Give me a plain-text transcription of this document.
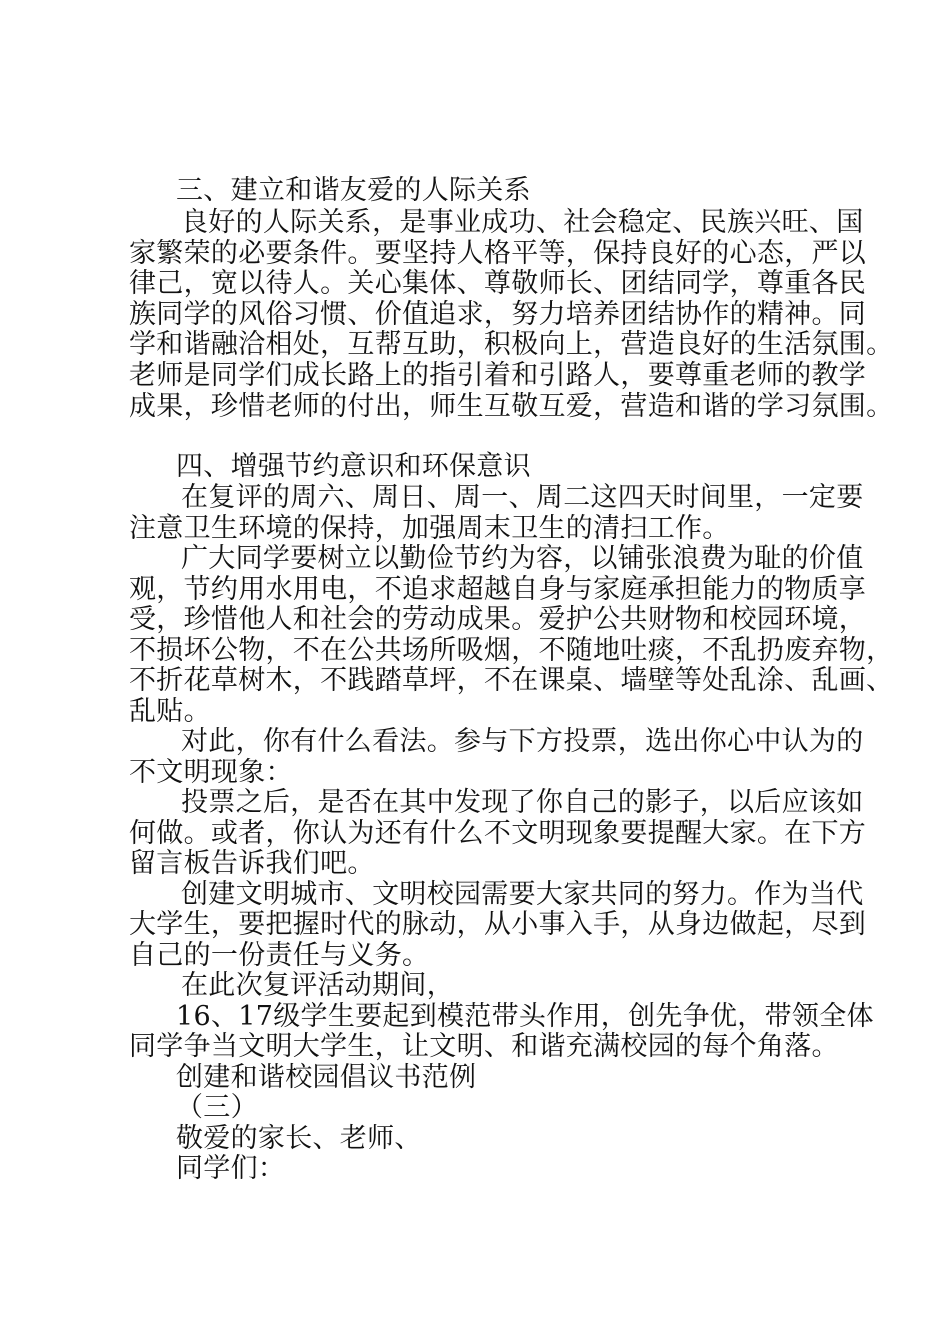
三、建立和谐友爱的人际关系
良好的人际关系，是事业成功、社会稳定、民族兴旺、国
家繁荣的必要条件。要坚持人格平等，保持良好的心态，严以
律己，宽以待人。关心集体、尊敬师长、团结同学，尊重各民
族同学的风俗习惯、价值追求，努力培养团结协作的精神。同
学和谐融洽相处，互帮互助，积极向上，营造良好的生活氛围。
老师是同学们成长路上的指引着和引路人，要尊重老师的教学
成果，珍惜老师的付出，师生互敬互爱，营造和谐的学习氛围。
四、增强节约意识和环保意识
在复评的周六、周日、周一、周二这四天时间里，一定要
注意卫生环境的保持，加强周末卫生的清扫工作。
广大同学要树立以勤俭节约为容，以铺张浪费为耻的价值
观，节约用水用电，不追求超越自身与家庭承担能力的物质享
受，珍惜他人和社会的劳动成果。爱护公共财物和校园环境，
不损坏公物，不在公共场所吸烟，不随地吐痰，不乱扔废弃物，
不折花草树木，不践踏草坪，不在课桌、墙壁等处乱涂、乱画、
乱贴。
对此，你有什么看法。参与下方投票，选出你心中认为的
不文明现象：
投票之后，是否在其中发现了你自己的影子，以后应该如
何做。或者，你认为还有什么不文明现象要提醒大家。在下方
留言板告诉我们吧。
创建文明城市、文明校园需要大家共同的努力。作为当代
大学生，要把握时代的脉动，从小事入手，从身边做起，尽到
自己的一份责任与义务。
在此次复评活动期间，
16、17级学生要起到模范带头作用，创先争优，带领全体
同学争当文明大学生，让文明、和谐充满校园的每个角落。
创建和谐校园倡议书范例
（三）
敬爱的家长、老师、
同学们：
